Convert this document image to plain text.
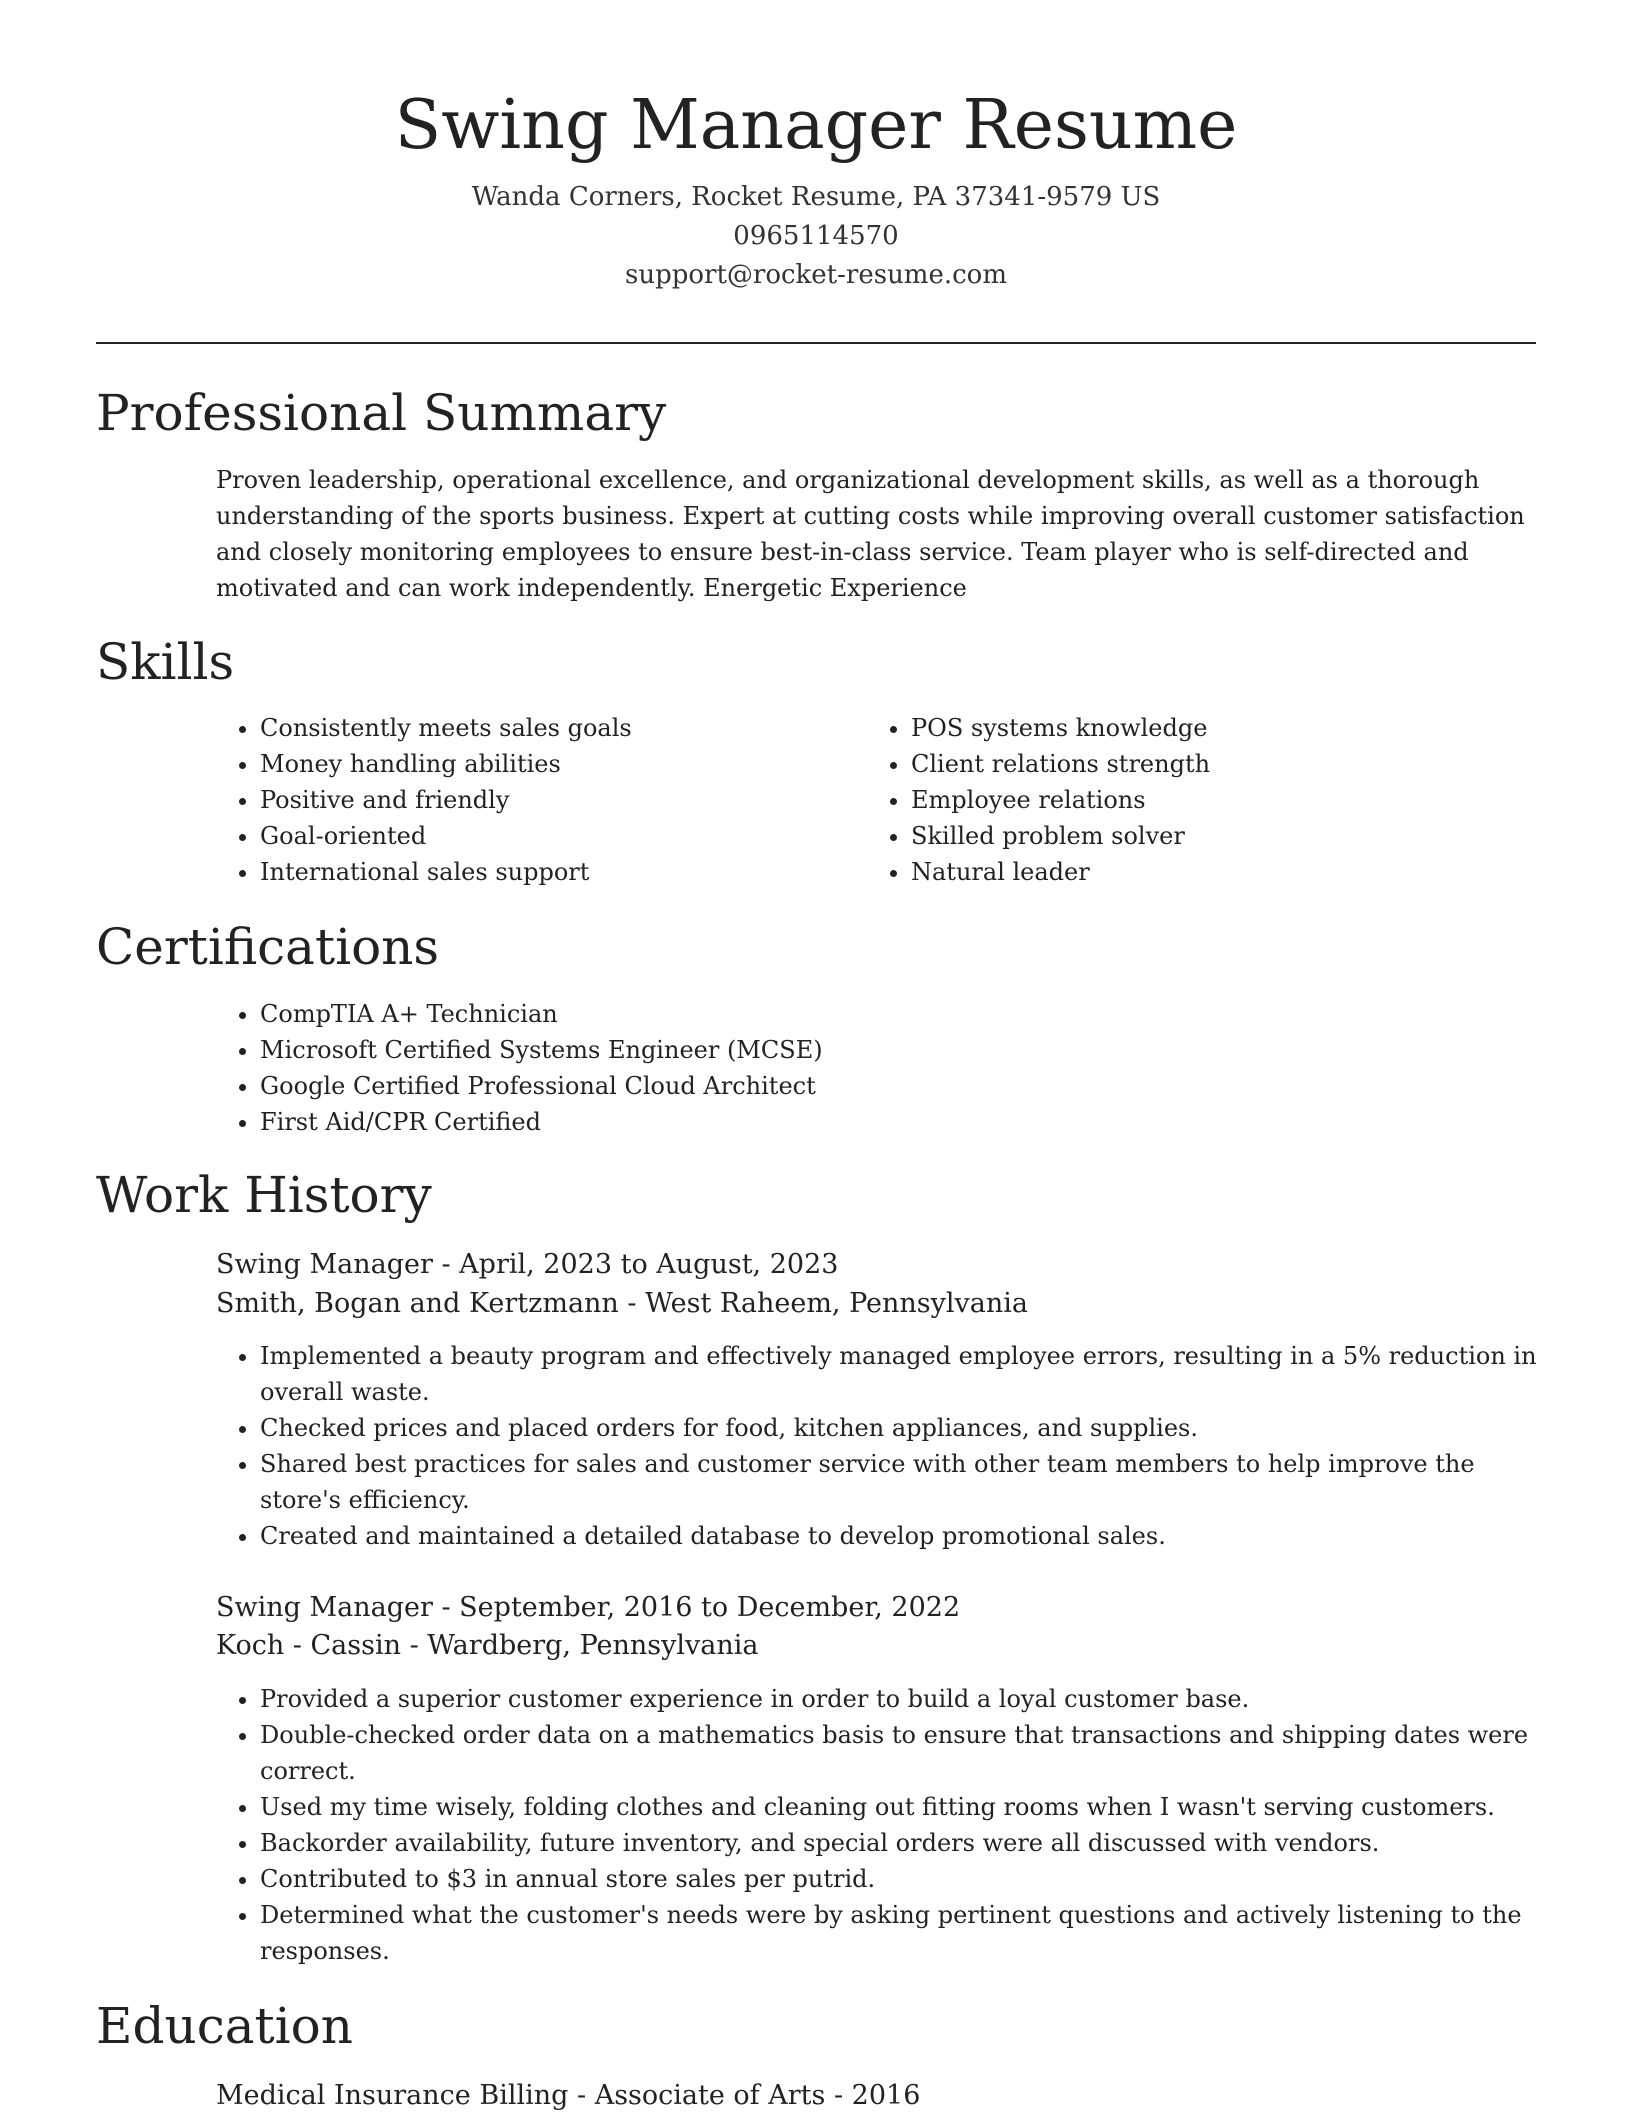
Swing Manager Resume
Wanda Corners, Rocket Resume, PA 37341-9579 US
0965114570
support@rocket-resume.com
Professional Summary

Proven leadership, operational excellence, and organizational development skills, as well as a thorough understanding of the sports business. Expert at cutting costs while improving overall customer satisfaction and closely monitoring employees to ensure best-in-class service. Team player who is self-directed and motivated and can work independently. Energetic Experience

Skills
• Consistently meets sales goals
• Money handling abilities
• Positive and friendly
• Goal-oriented
• International sales support
• POS systems knowledge
• Client relations strength
• Employee relations
• Skilled problem solver
• Natural leader
Certifications
• CompTIA A+ Technician
• Microsoft Certified Systems Engineer (MCSE)
• Google Certified Professional Cloud Architect
• First Aid/CPR Certified
Work History
Swing Manager - April, 2023 to August, 2023
Smith, Bogan and Kertzmann - West Raheem, Pennsylvania
• Implemented a beauty program and effectively managed employee errors, resulting in a 5% reduction in overall waste.
• Checked prices and placed orders for food, kitchen appliances, and supplies.
• Shared best practices for sales and customer service with other team members to help improve the store's efficiency.
• Created and maintained a detailed database to develop promotional sales.
Swing Manager - September, 2016 to December, 2022
Koch - Cassin - Wardberg, Pennsylvania
• Provided a superior customer experience in order to build a loyal customer base.
• Double-checked order data on a mathematics basis to ensure that transactions and shipping dates were correct.
• Used my time wisely, folding clothes and cleaning out fitting rooms when I wasn't serving customers.
• Backorder availability, future inventory, and special orders were all discussed with vendors.
• Contributed to $3 in annual store sales per putrid.
• Determined what the customer's needs were by asking pertinent questions and actively listening to the responses.
Education
Medical Insurance Billing - Associate of Arts - 2016
